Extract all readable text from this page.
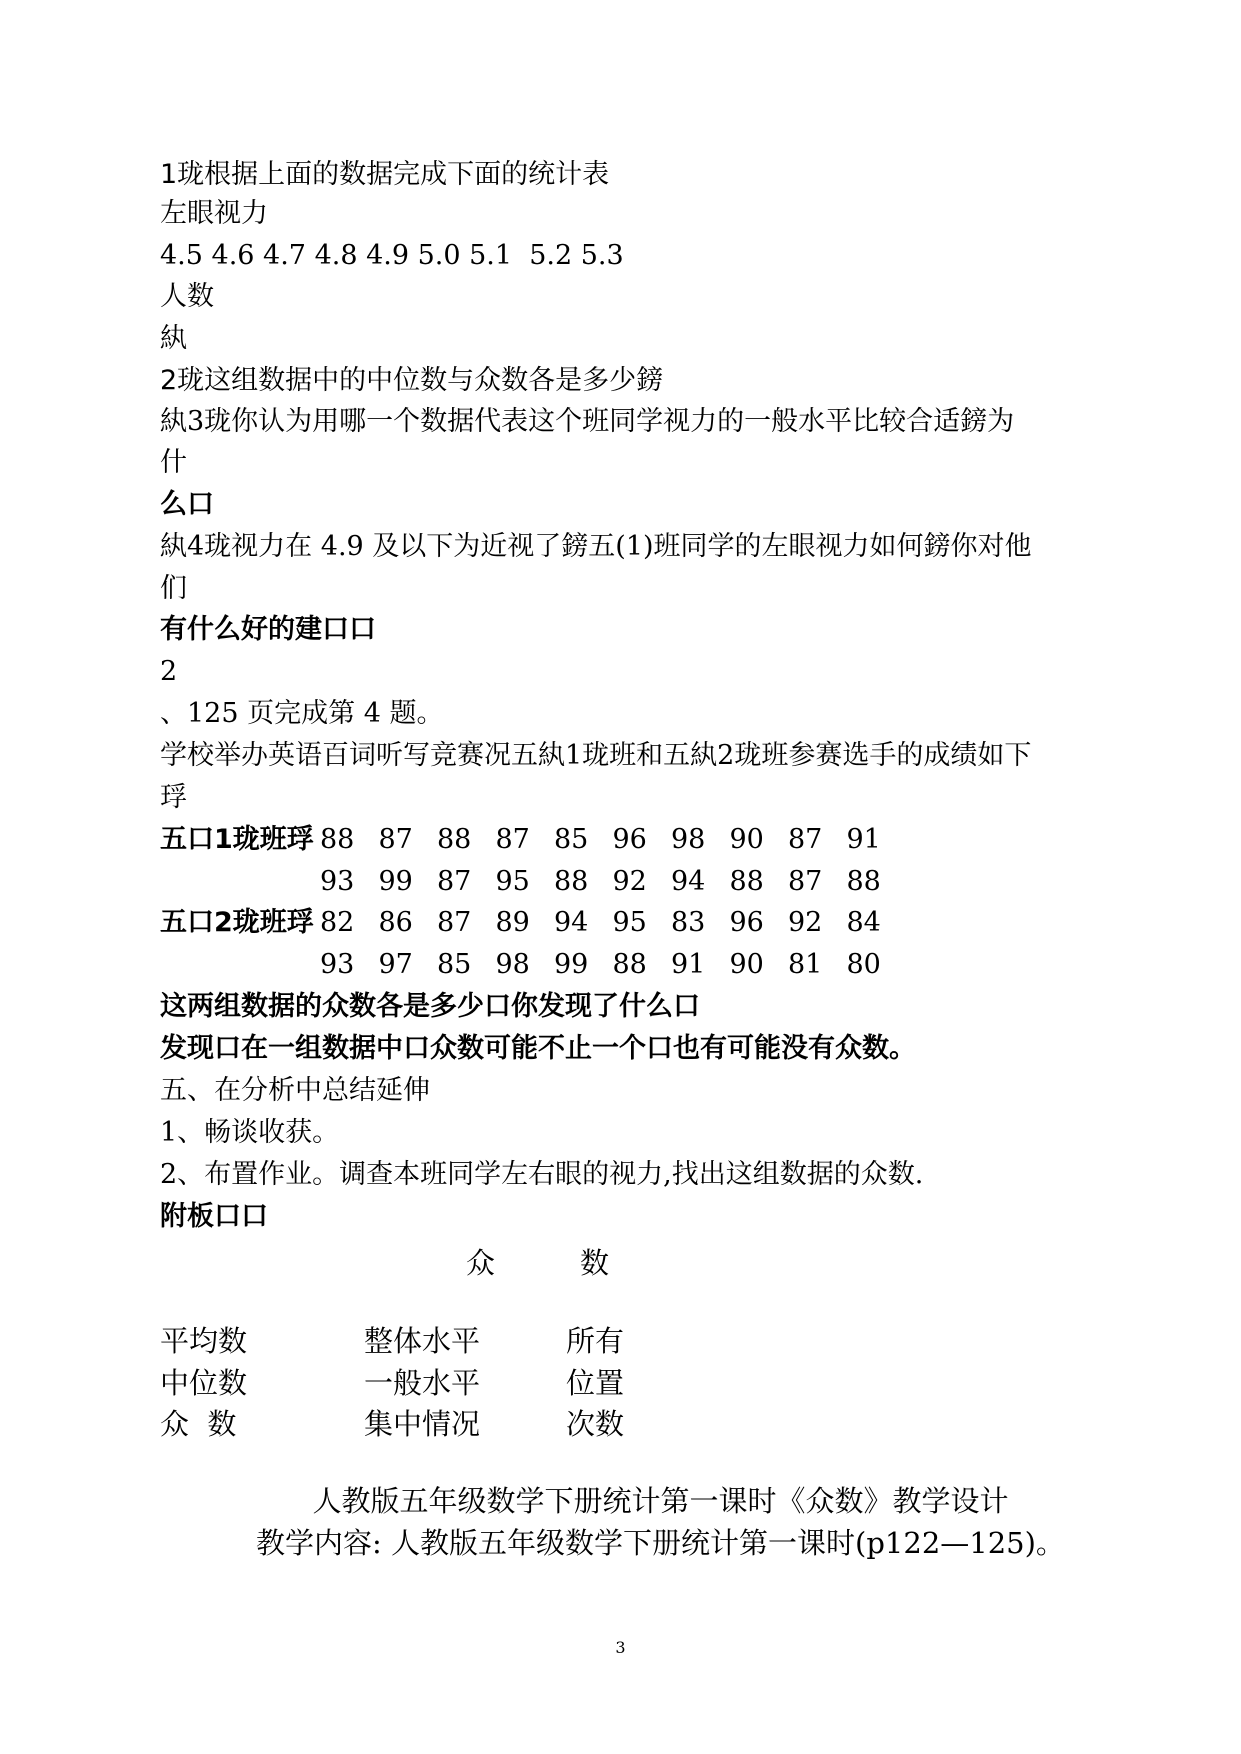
1珑根据上面的数据完成下面的统计表
左眼视力
4.5 4.6 4.7 4.8 4.9 5.0 5.1  5.2 5.3
人数
紈
2珑这组数据中的中位数与众数各是多少鎊
紈3珑你认为用哪一个数据代表这个班同学视力的一般水平比较合适鎊为
什
么口
紈4珑视力在 4.9 及以下为近视了鎊五(1)班同学的左眼视力如何鎊你对他
们
有什么好的建口口
2
、125 页完成第 4 题。
学校举办英语百词听写竞赛况五紈1珑班和五紈2珑班参赛选手的成绩如下
琈
五口1珑班琈 88 87 88 87 85 96 98 90 87 91
93 99 87 95 88 92 94 88 87 88
五口2珑班琈 82 86 87 89 94 95 83 96 92 84
93 97 85 98 99 88 91 90 81 80
这两组数据的众数各是多少口你发现了什么口
发现口在一组数据中口众数可能不止一个口也有可能没有众数。
五、在分析中总结延伸
1、畅谈收获。
2、布置作业。调查本班同学左右眼的视力,找出这组数据的众数.
附板口口
众	数
平均数	整体水平	所有
中位数	一般水平	位置
众  数	集中情况	次数
人教版五年级数学下册统计第一课时《众数》教学设计
教学内容: 人教版五年级数学下册统计第一课时(p122—125)。
3
